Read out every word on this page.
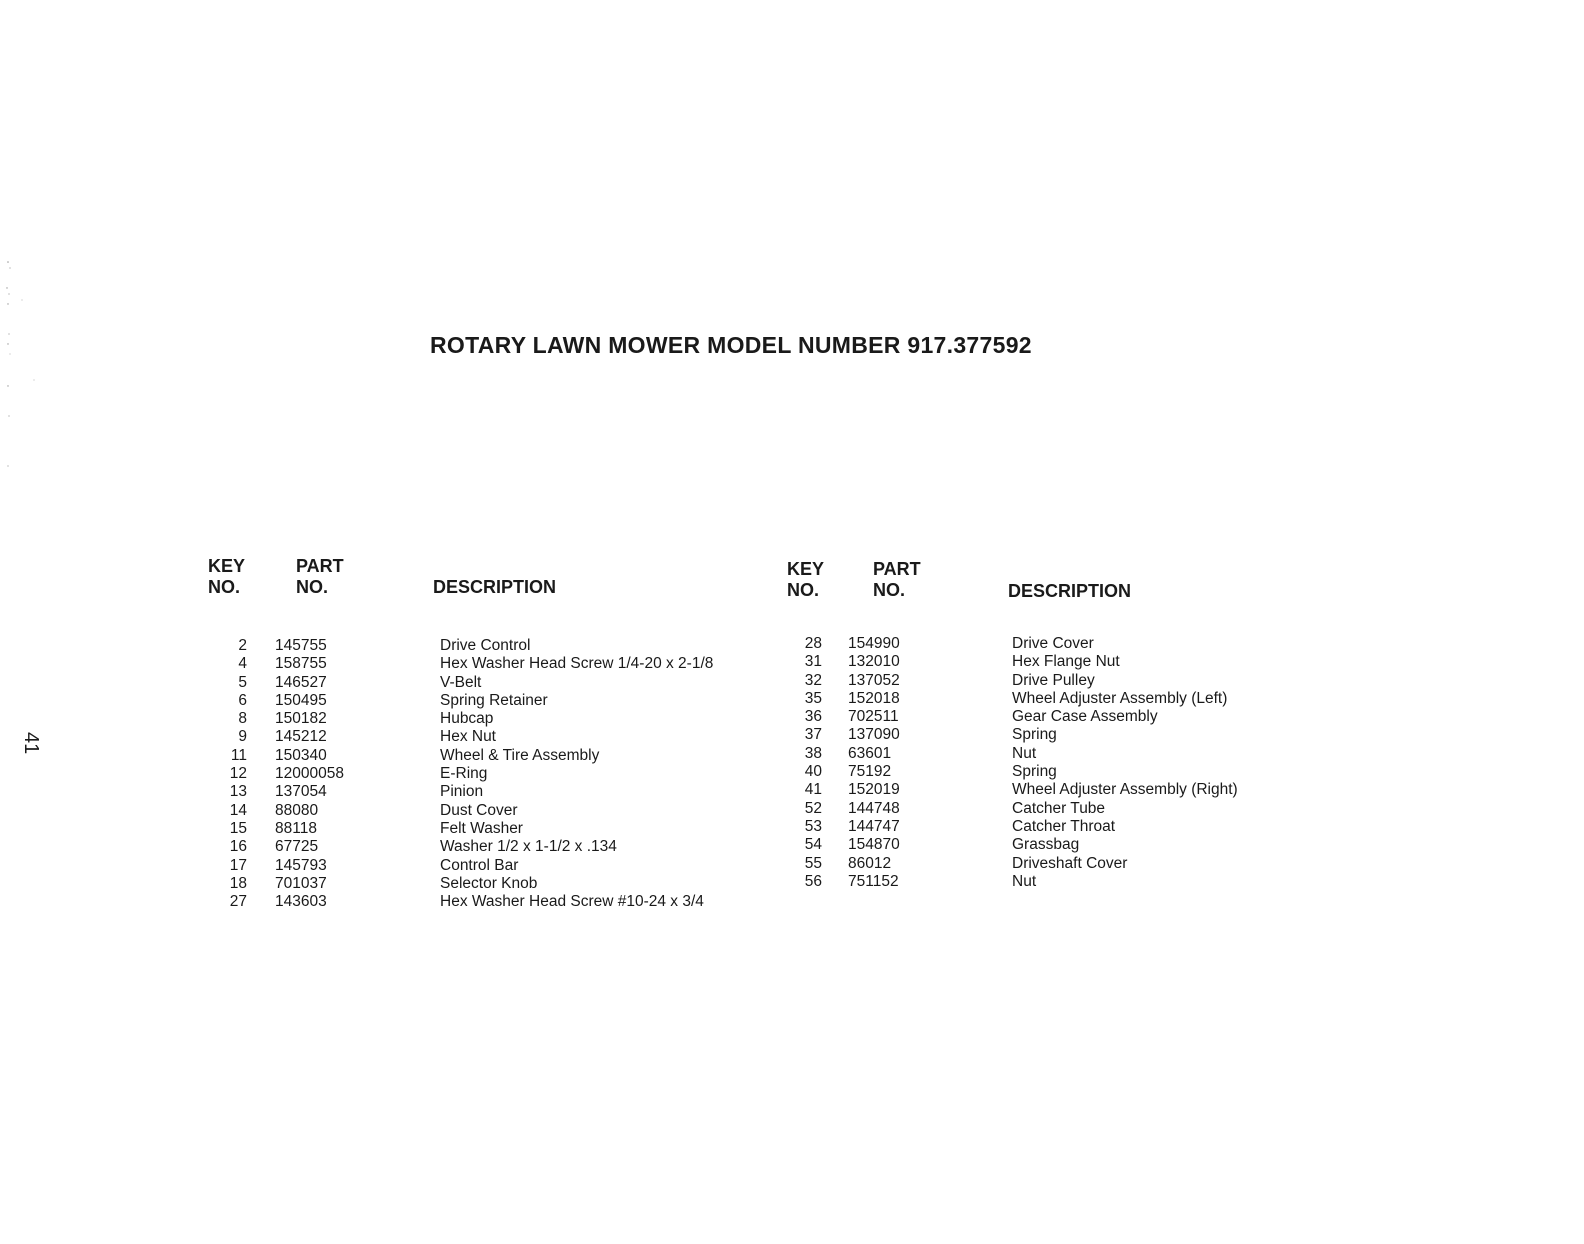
ROTARY LAWN MOWER MODEL NUMBER 917.377592
41
KEY
NO.
PART
NO.	DESCRIPTION
KEY
NO.
PART
NO.	DESCRIPTION
2 145755	Drive Control
4 158755	Hex Washer Head Screw 1/4-20 x 2-1/8
5 146527	V-Belt
6 150495	Spring Retainer
8 150182	Hubcap
9 145212	Hex Nut
11 150340	Wheel & Tire Assembly
12 12000058	E-Ring
13 137054	Pinion
14 88080	Dust Cover
15 88118	Felt Washer
16 67725	Washer 1/2 x 1-1/2 x .134
17 145793	Control Bar
18 701037	Selector Knob
27 143603	Hex Washer Head Screw #10-24 x 3/4
28 154990	Drive Cover
31 132010	Hex Flange Nut
32 137052	Drive Pulley
35 152018	Wheel Adjuster Assembly (Left)
36 702511	Gear Case Assembly
37 137090	Spring
38 63601	Nut
40 75192	Spring
41 152019	Wheel Adjuster Assembly (Right)
52 144748	Catcher Tube
53 144747	Catcher Throat
54 154870	Grassbag
55 86012	Driveshaft Cover
56 751152	Nut
